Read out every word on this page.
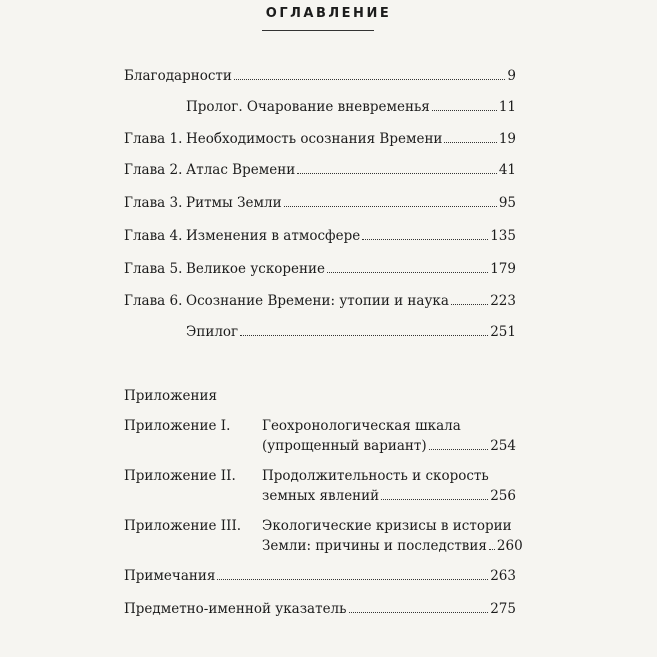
ОГЛАВЛЕНИЕ
Благодарности	9
Пролог. Очарование вневременья	11
Глава 1. Необходимость осознания Времени	19
Глава 2. Атлас Времени	41
Глава 3. Ритмы Земли	95
Глава 4. Изменения в атмосфере	135
Глава 5. Великое ускорение	179
Глава 6. Осознание Времени: утопии и наука	223
Эпилог	251
Приложения
Приложение I. Геохронологическая шкала
(упрощенный вариант)	254
Приложение II. Продолжительность и скорость
земных явлений	256
Приложение III. Экологические кризисы в истории
Земли: причины и последствия 260
Примечания	263
Предметно-именной указатель	275
